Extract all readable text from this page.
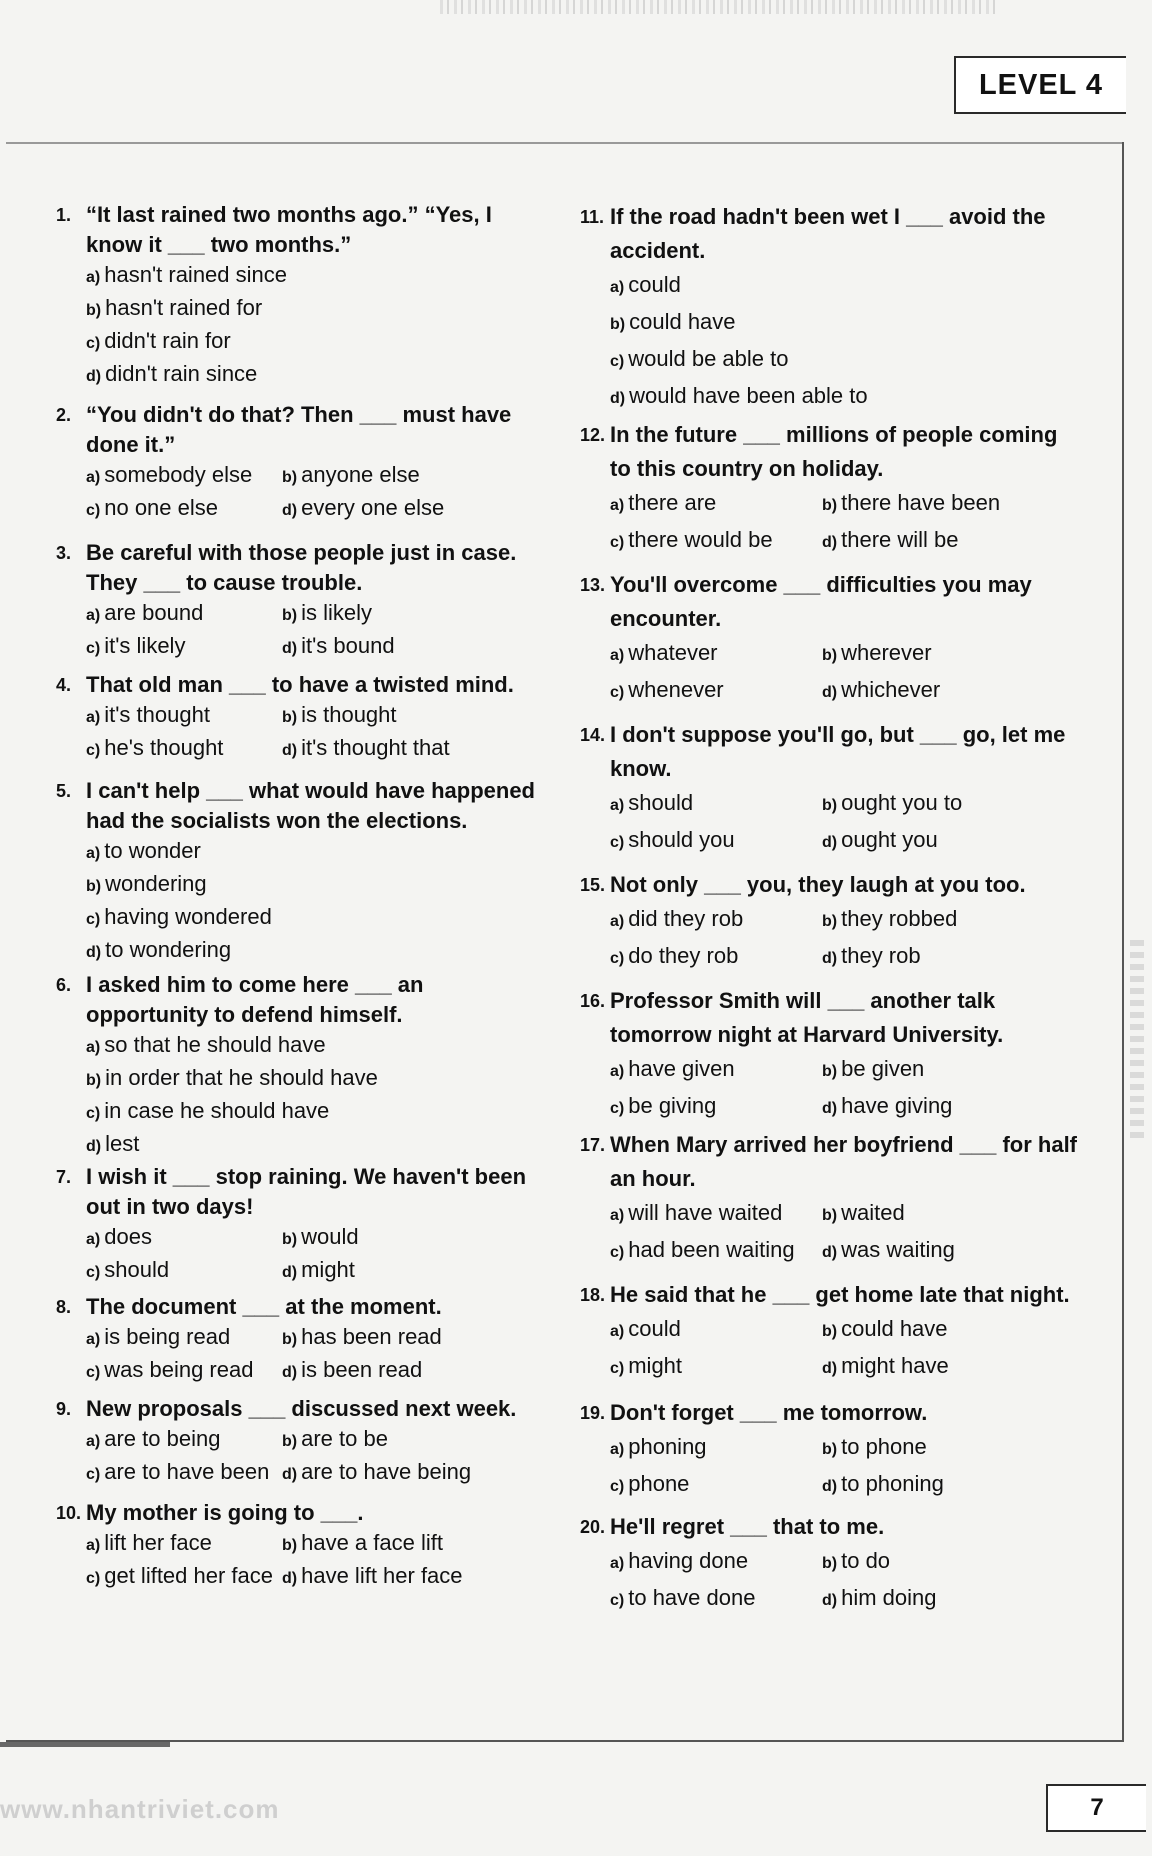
LEVEL 4
1. “It last rained two months ago.” “Yes, I know it ___ two months.”
a) hasn't rained since
b) hasn't rained for
c) didn't rain for
d) didn't rain since
2. “You didn't do that? Then ___ must have done it.”
a) somebody else	b) anyone else
c) no one else	d) every one else
3. Be careful with those people just in case. They ___ to cause trouble.
a) are bound	b) is likely
c) it's likely	d) it's bound
4. That old man ___ to have a twisted mind.
a) it's thought	b) is thought
c) he's thought	d) it's thought that
5. I can't help ___ what would have happened had the socialists won the elections.
a) to wonder
b) wondering
c) having wondered
d) to wondering
6. I asked him to come here ___ an opportunity to defend himself.
a) so that he should have
b) in order that he should have
c) in case he should have
d) lest
7. I wish it ___ stop raining. We haven't been out in two days!
a) does	b) would
c) should	d) might
8. The document ___ at the moment.
a) is being read	b) has been read
c) was being read	d) is been read
9. New proposals ___ discussed next week.
a) are to being	b) are to be
c) are to have been d) are to have being
10. My mother is going to ___.
a) lift her face	b) have a face lift
c) get lifted her face d) have lift her face
11. If the road hadn't been wet I ___ avoid the accident.
a) could
b) could have
c) would be able to
d) would have been able to
12. In the future ___ millions of people coming to this country on holiday.
a) there are	b) there have been
c) there would be	d) there will be
13. You'll overcome ___ difficulties you may encounter.
a) whatever	b) wherever
c) whenever	d) whichever
14. I don't suppose you'll go, but ___ go, let me know.
a) should	b) ought you to
c) should you	d) ought you
15. Not only ___ you, they laugh at you too.
a) did they rob	b) they robbed
c) do they rob	d) they rob
16. Professor Smith will ___ another talk tomorrow night at Harvard University.
a) have given	b) be given
c) be giving	d) have giving
17. When Mary arrived her boyfriend ___ for half an hour.
a) will have waited	b) waited
c) had been waiting	d) was waiting
18. He said that he ___ get home late that night.
a) could	b) could have
c) might	d) might have
19. Don't forget ___ me tomorrow.
a) phoning	b) to phone
c) phone	d) to phoning
20. He'll regret ___ that to me.
a) having done	b) to do
c) to have done	d) him doing
www.nhantriviet.com	7
